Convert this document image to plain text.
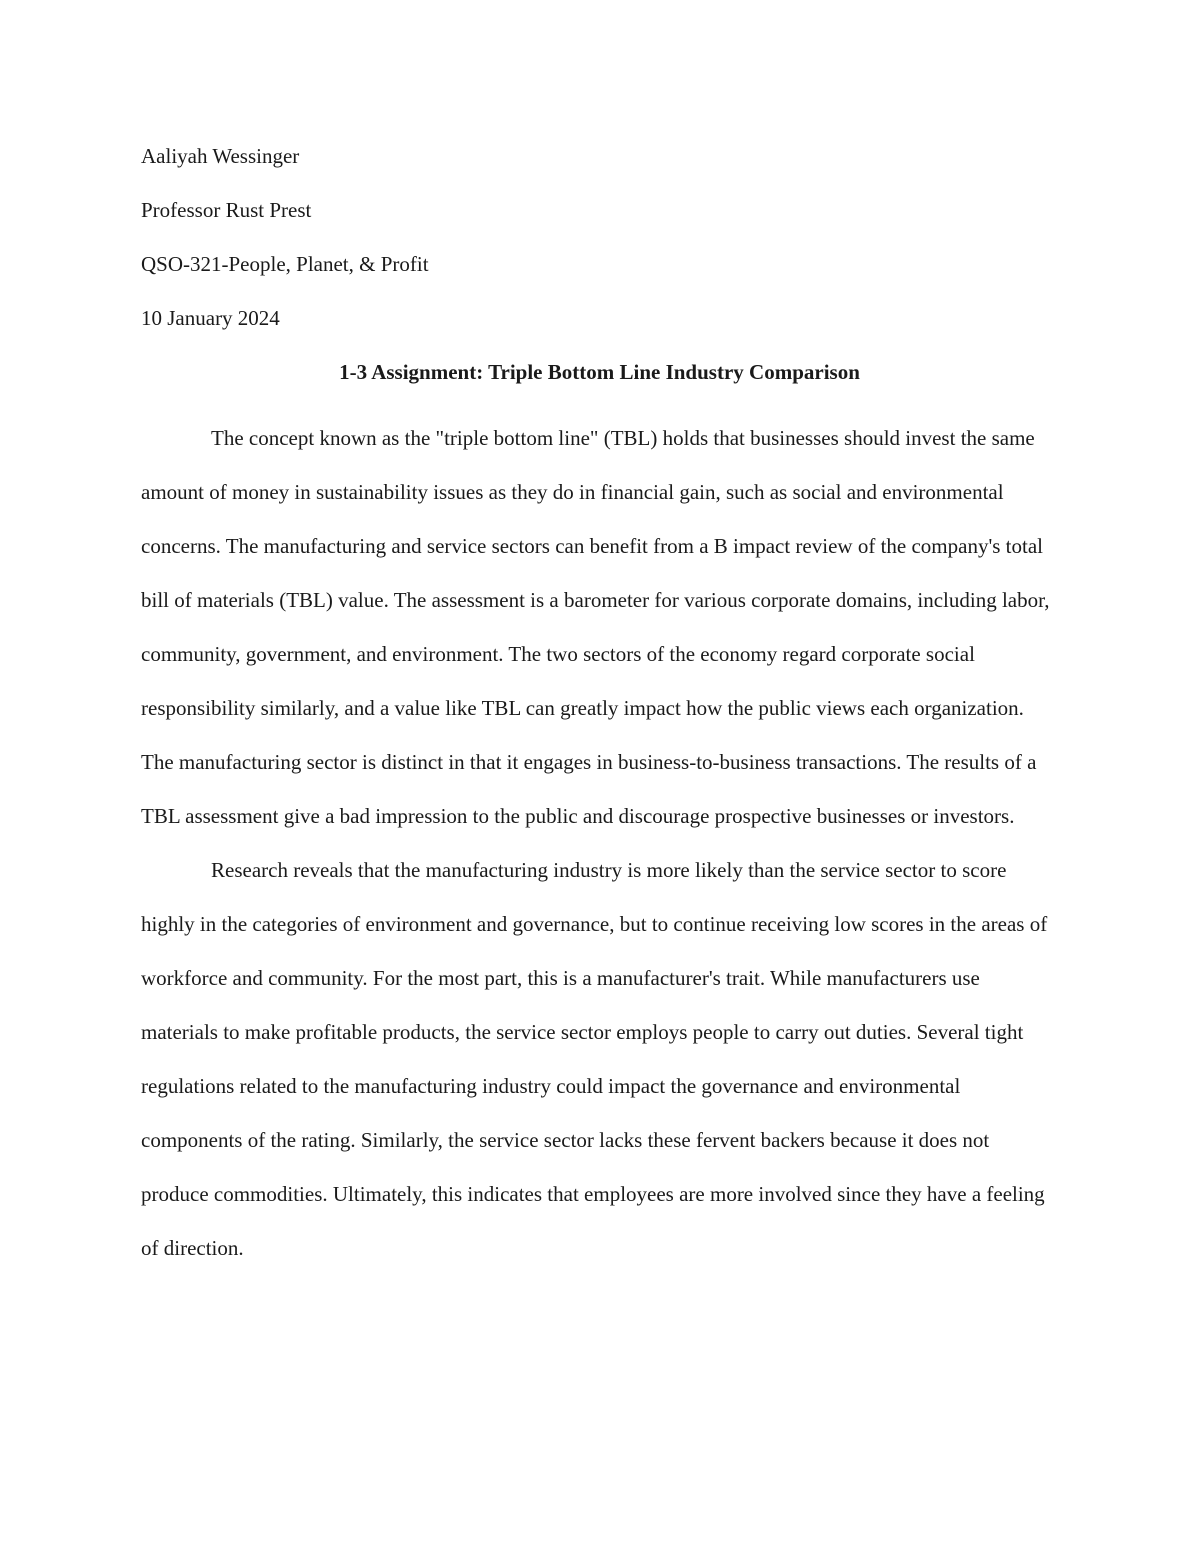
Aaliyah Wessinger

Professor Rust Prest

QSO-321-People, Planet, & Profit

10 January 2024

1-3 Assignment: Triple Bottom Line Industry Comparison

The concept known as the "triple bottom line" (TBL) holds that businesses should invest the same amount of money in sustainability issues as they do in financial gain, such as social and environmental concerns. The manufacturing and service sectors can benefit from a B impact review of the company's total bill of materials (TBL) value. The assessment is a barometer for various corporate domains, including labor, community, government, and environment. The two sectors of the economy regard corporate social responsibility similarly, and a value like TBL can greatly impact how the public views each organization. The manufacturing sector is distinct in that it engages in business-to-business transactions. The results of a TBL assessment give a bad impression to the public and discourage prospective businesses or investors.

Research reveals that the manufacturing industry is more likely than the service sector to score highly in the categories of environment and governance, but to continue receiving low scores in the areas of workforce and community. For the most part, this is a manufacturer's trait. While manufacturers use materials to make profitable products, the service sector employs people to carry out duties. Several tight regulations related to the manufacturing industry could impact the governance and environmental components of the rating. Similarly, the service sector lacks these fervent backers because it does not produce commodities. Ultimately, this indicates that employees are more involved since they have a feeling of direction.
